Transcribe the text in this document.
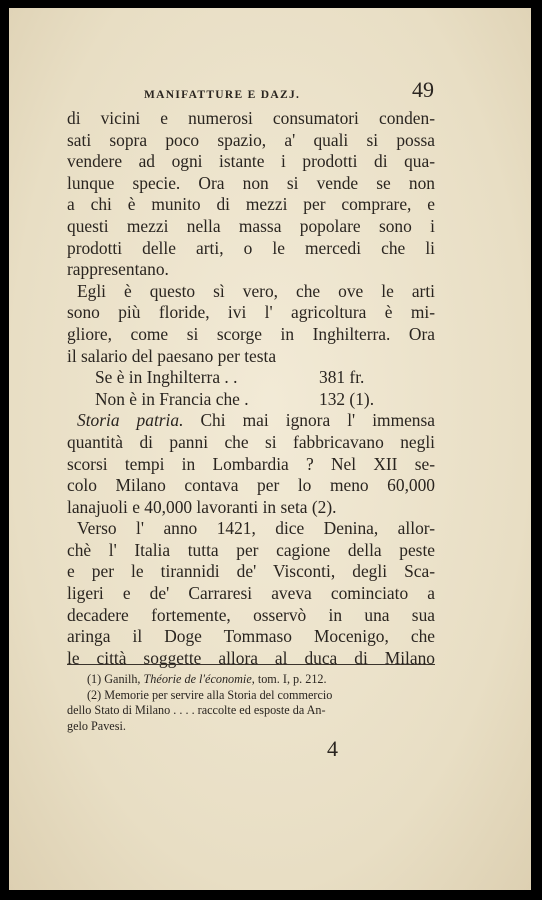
MANIFATTURE E DAZJ.	49
di vicini e numerosi consumatori conden-
sati sopra poco spazio, a' quali si possa
vendere ad ogni istante i prodotti di qua-
lunque specie. Ora non si vende se non
a chi è munito di mezzi per comprare, e
questi mezzi nella massa popolare sono i
prodotti delle arti, o le mercedi che li
rappresentano.
Egli è questo sì vero, che ove le arti
sono più floride, ivi l' agricoltura è mi-
gliore, come si scorge in Inghilterra. Ora
il salario del paesano per testa
Se è in Inghilterra . .	381 fr.
Non è in Francia che .	132 (1).
Storia patria. Chi mai ignora l' immensa
quantità di panni che si fabbricavano negli
scorsi tempi in Lombardia ? Nel XII se-
colo Milano contava per lo meno 60,000
lanajuoli e 40,000 lavoranti in seta (2).
Verso l' anno 1421, dice Denina, allor-
chè l' Italia tutta per cagione della peste
e per le tirannidi de' Visconti, degli Sca-
ligeri e de' Carraresi aveva cominciato a
decadere fortemente, osservò in una sua
aringa il Doge Tommaso Mocenigo, che
le città soggette allora al duca di Milano
(1) Ganilh, Théorie de l'économie, tom. I, p. 212.
(2) Memorie per servire alla Storia del commercio
dello Stato di Milano . . . . raccolte ed esposte da An-
gelo Pavesi.
4
